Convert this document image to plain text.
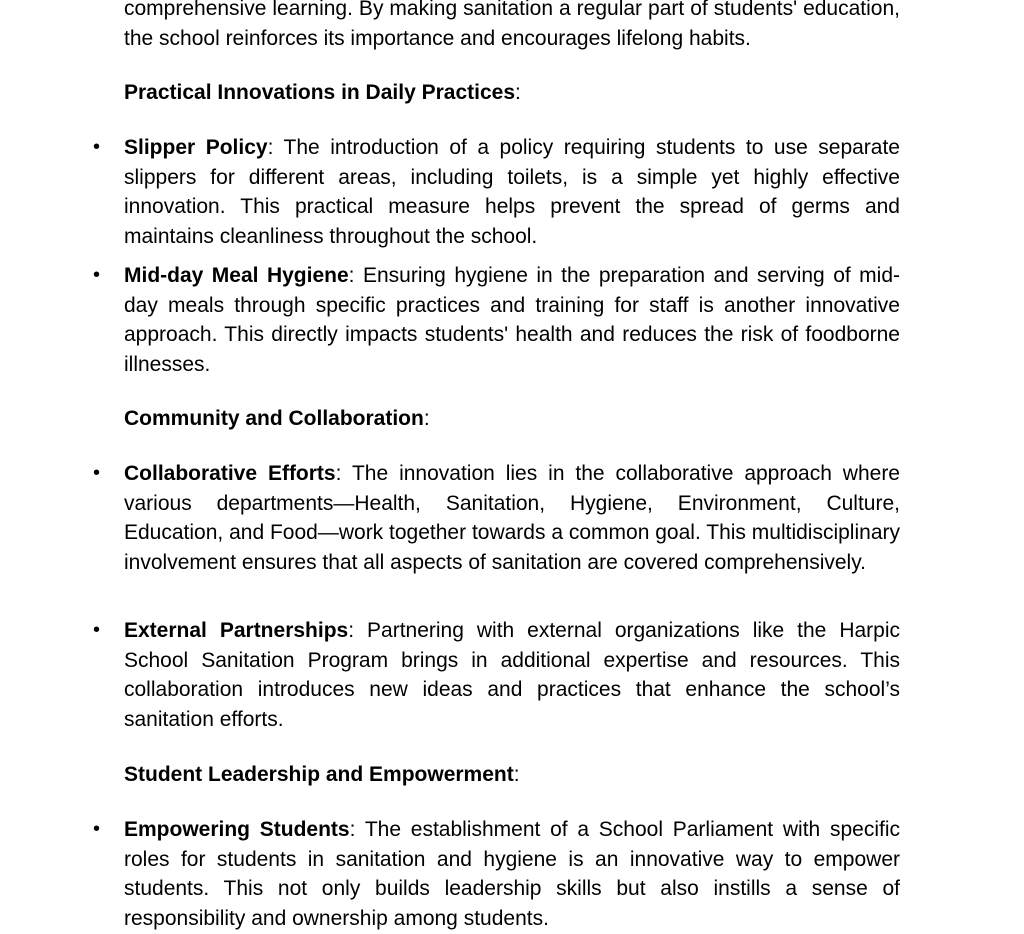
comprehensive learning. By making sanitation a regular part of students' education, the school reinforces its importance and encourages lifelong habits.

Practical Innovations in Daily Practices:

• Slipper Policy: The introduction of a policy requiring students to use separate slippers for different areas, including toilets, is a simple yet highly effective innovation. This practical measure helps prevent the spread of germs and maintains cleanliness throughout the school.
• Mid-day Meal Hygiene: Ensuring hygiene in the preparation and serving of mid-day meals through specific practices and training for staff is another innovative approach. This directly impacts students' health and reduces the risk of foodborne illnesses.

Community and Collaboration:

• Collaborative Efforts: The innovation lies in the collaborative approach where various departments—Health, Sanitation, Hygiene, Environment, Culture, Education, and Food—work together towards a common goal. This multidisciplinary involvement ensures that all aspects of sanitation are covered comprehensively.
• External Partnerships: Partnering with external organizations like the Harpic School Sanitation Program brings in additional expertise and resources. This collaboration introduces new ideas and practices that enhance the school’s sanitation efforts.

Student Leadership and Empowerment:

• Empowering Students: The establishment of a School Parliament with specific roles for students in sanitation and hygiene is an innovative way to empower students. This not only builds leadership skills but also instills a sense of responsibility and ownership among students.
